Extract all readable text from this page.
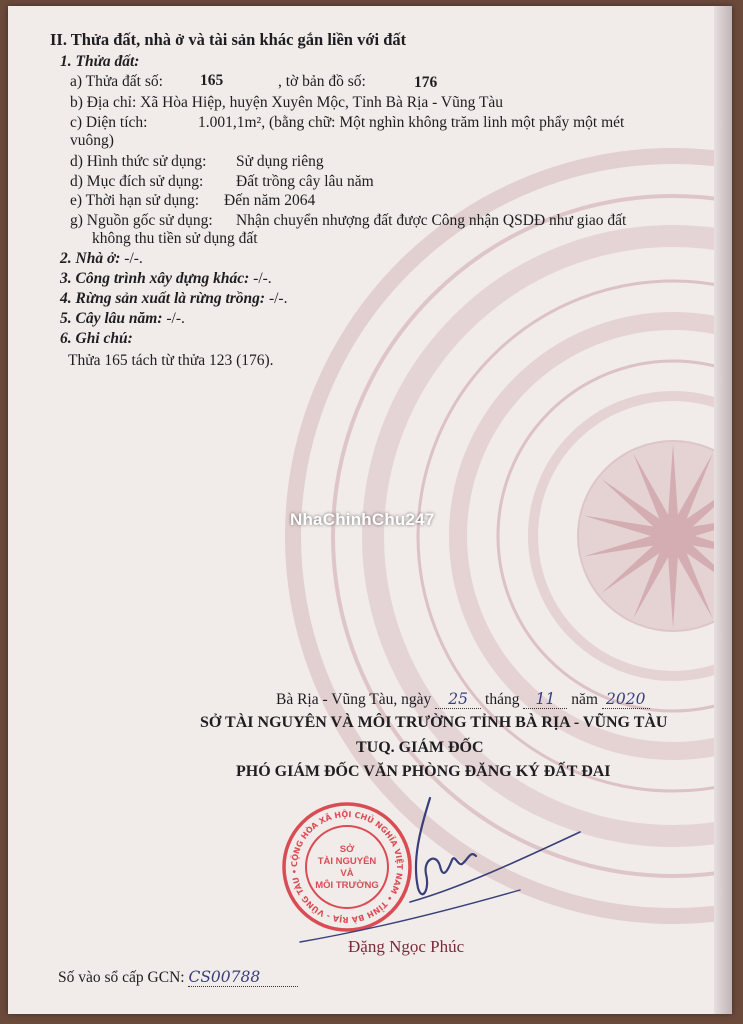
II. Thửa đất, nhà ở và tài sản khác gắn liền với đất
1. Thửa đất:
a) Thửa đất số: 165	, tờ bản đồ số:	176
b) Địa chỉ: Xã Hòa Hiệp, huyện Xuyên Mộc, Tỉnh Bà Rịa - Vũng Tàu
c) Diện tích:	1.001,1m², (bằng chữ: Một nghìn không trăm linh một phẩy một mét
vuông)
d) Hình thức sử dụng: Sử dụng riêng
d) Mục đích sử dụng: Đất trồng cây lâu năm
e) Thời hạn sử dụng: Đến năm 2064
g) Nguồn gốc sử dụng: Nhận chuyển nhượng đất được Công nhận QSDĐ như giao đất
không thu tiền sử dụng đất
2. Nhà ở: -/-.
3. Công trình xây dựng khác: -/-.
4. Rừng sản xuất là rừng trồng: -/-.
5. Cây lâu năm: -/-.
6. Ghi chú:
Thửa 165 tách từ thửa 123 (176).
NhaChinhChu247
Bà Rịa - Vũng Tàu, ngày 25 tháng 11 năm 2020
SỞ TÀI NGUYÊN VÀ MÔI TRƯỜNG TỈNH BÀ RỊA - VŨNG TÀU
TUQ. GIÁM ĐỐC
PHÓ GIÁM ĐỐC VĂN PHÒNG ĐĂNG KÝ ĐẤT ĐAI
CỘNG HÒA XÃ HỘI CHỦ NGHĨA VIỆT NAM • TỈNH BÀ RỊA - VŨNG TÀU •
SỞ TÀI NGUYÊN VÀ MÔI TRƯỜNG
Đặng Ngọc Phúc
Số vào sổ cấp GCN: CS00788
